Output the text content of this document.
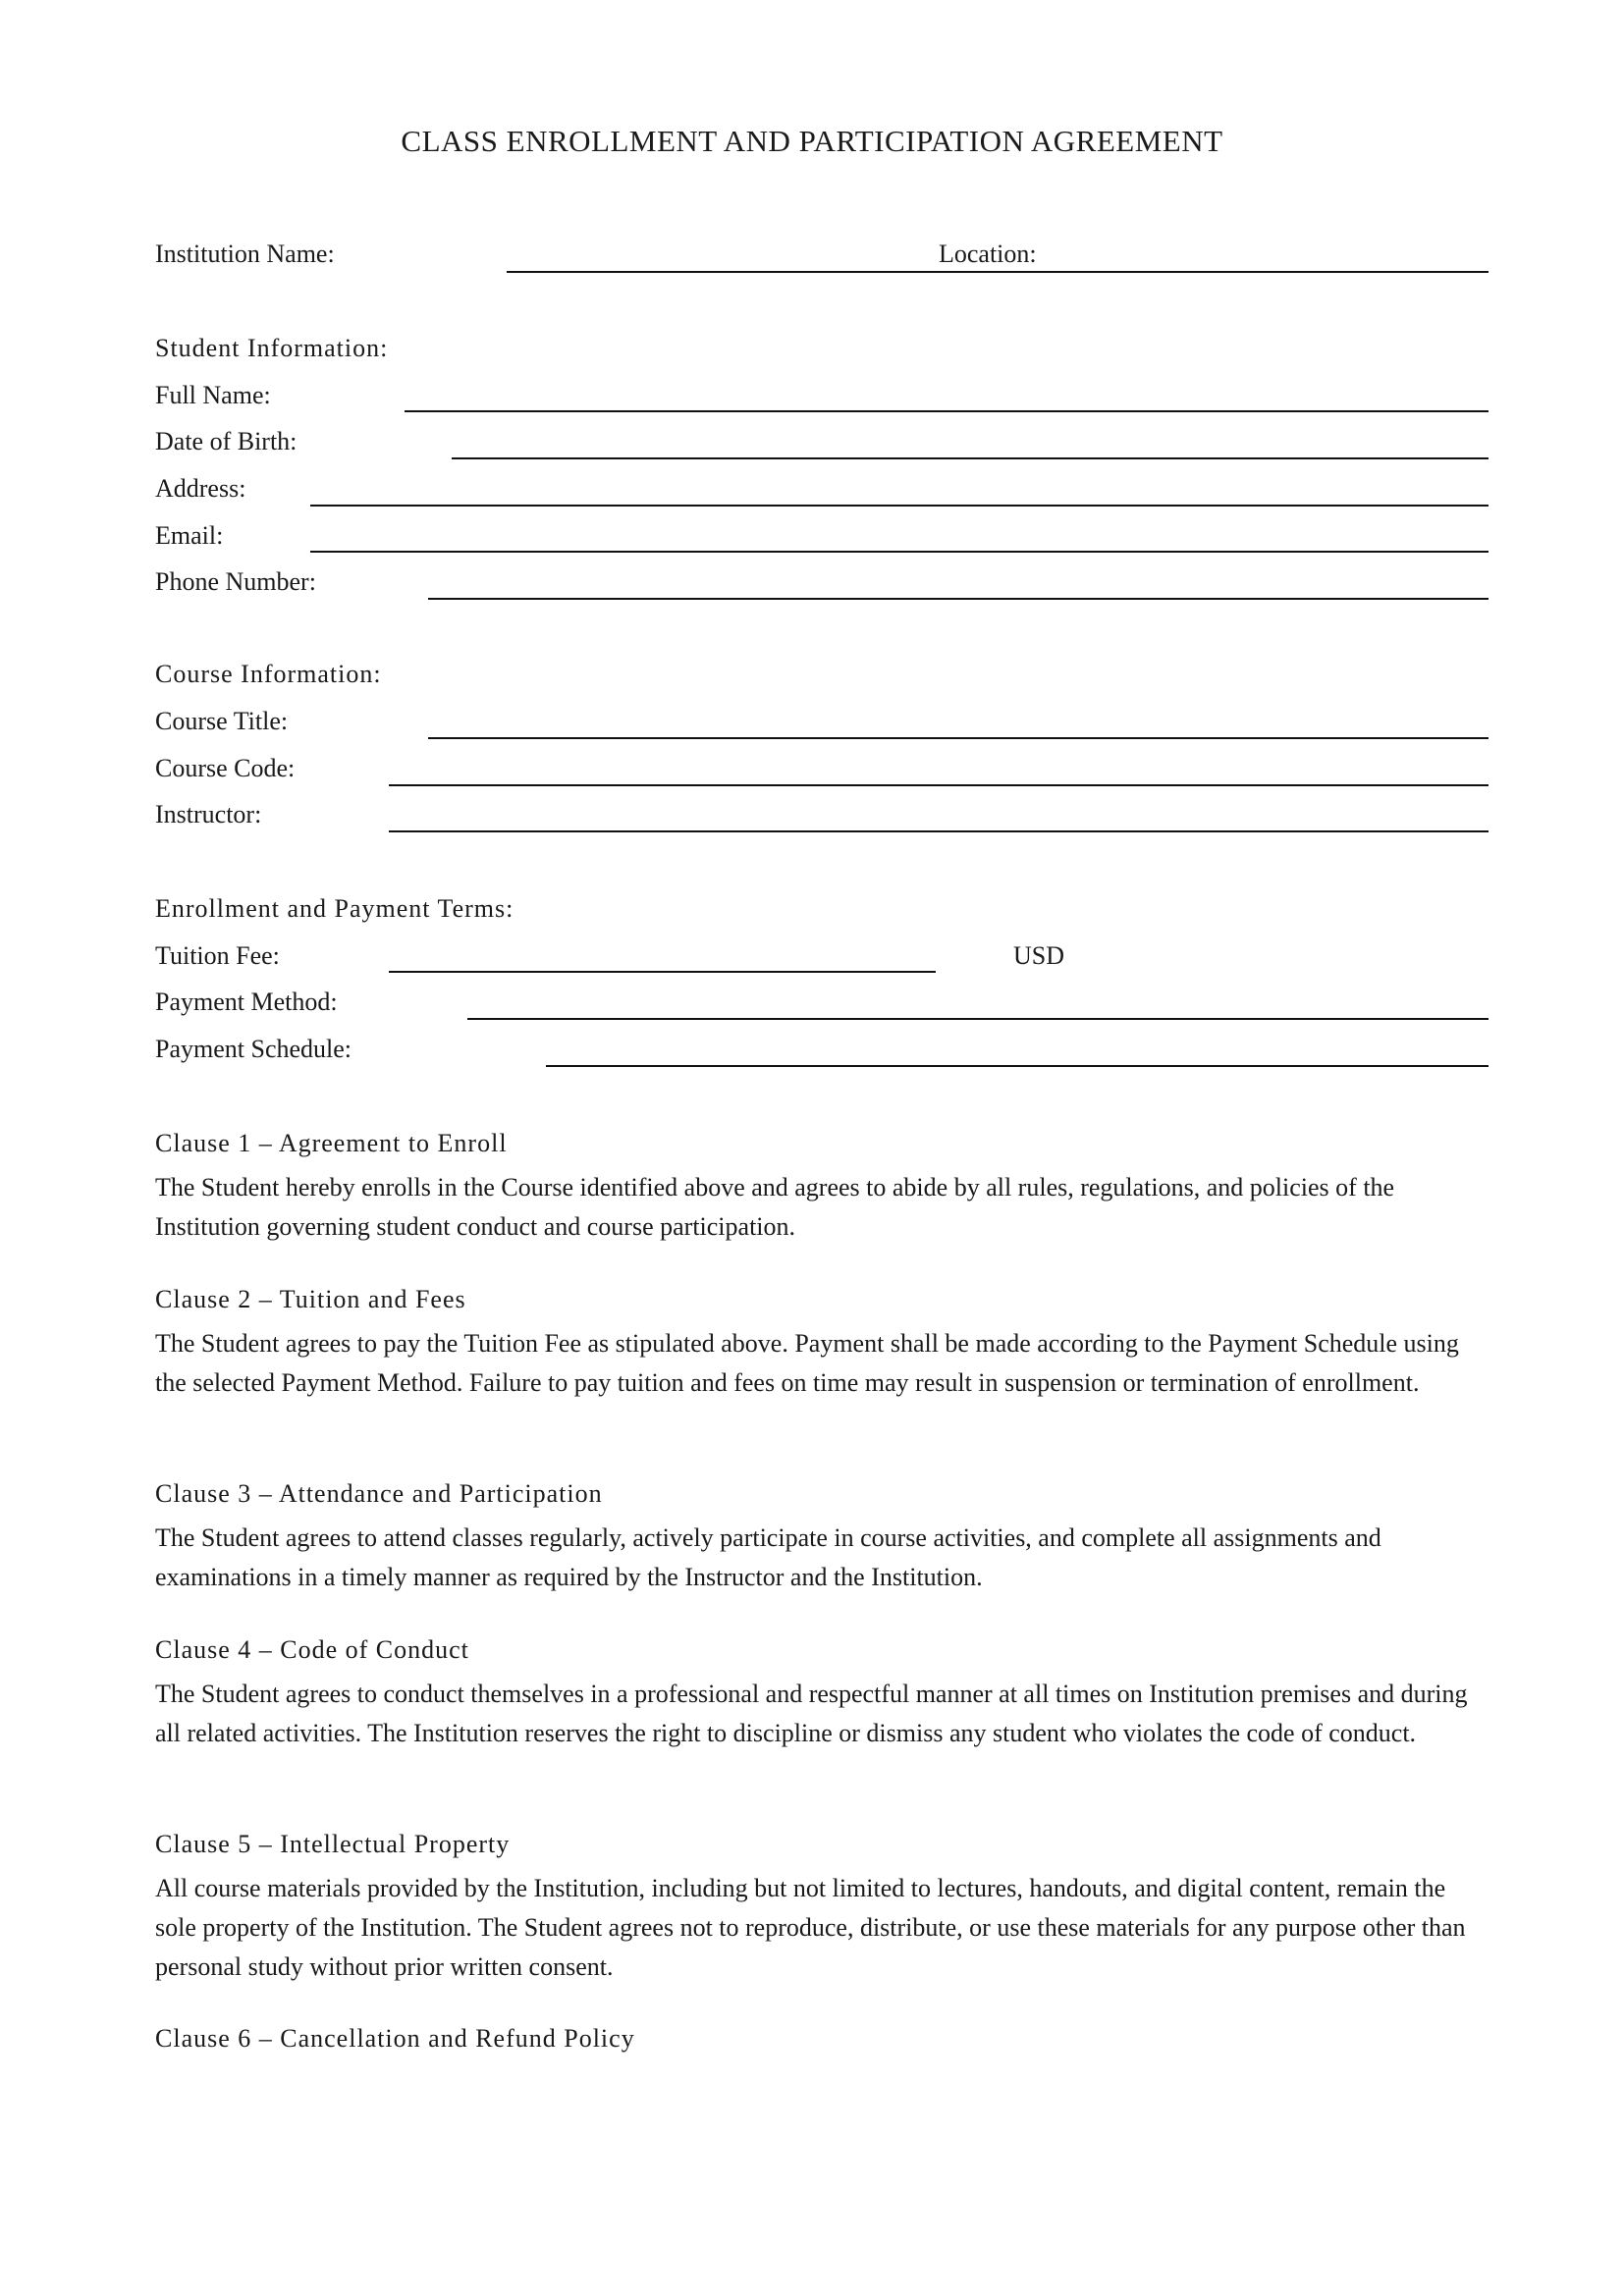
CLASS ENROLLMENT AND PARTICIPATION AGREEMENT
Institution Name:	Location:
Student Information:
Full Name:
Date of Birth:
Address:
Email:
Phone Number:
Course Information:
Course Title:
Course Code:
Instructor:
Enrollment and Payment Terms:
Tuition Fee:	USD
Payment Method:
Payment Schedule:
Clause 1 – Agreement to Enroll

The Student hereby enrolls in the Course identified above and agrees to abide by all rules, regulations, and policies of the Institution governing student conduct and course participation.

Clause 2 – Tuition and Fees

The Student agrees to pay the Tuition Fee as stipulated above. Payment shall be made according to the Payment Schedule using the selected Payment Method. Failure to pay tuition and fees on time may result in suspension or termination of enrollment.

Clause 3 – Attendance and Participation

The Student agrees to attend classes regularly, actively participate in course activities, and complete all assignments and examinations in a timely manner as required by the Instructor and the Institution.

Clause 4 – Code of Conduct

The Student agrees to conduct themselves in a professional and respectful manner at all times on Institution premises and during all related activities. The Institution reserves the right to discipline or dismiss any student who violates the code of conduct.

Clause 5 – Intellectual Property

All course materials provided by the Institution, including but not limited to lectures, handouts, and digital content, remain the sole property of the Institution. The Student agrees not to reproduce, distribute, or use these materials for any purpose other than personal study without prior written consent.

Clause 6 – Cancellation and Refund Policy
